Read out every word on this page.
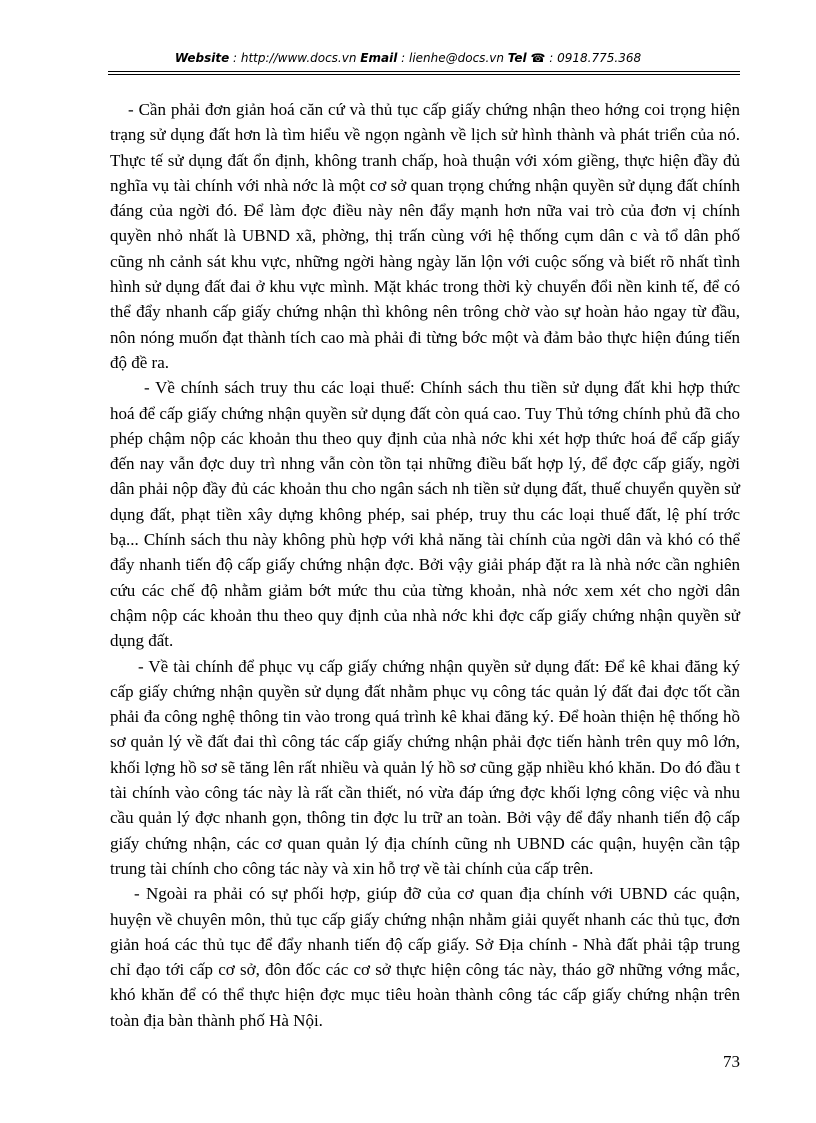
Website : http://www.docs.vn Email : lienhe@docs.vn Tel ☎ : 0918.775.368

- Cần phải đơn giản hoá căn cứ và thủ tục cấp giấy chứng nhận theo hớng coi trọng hiện trạng sử dụng đất hơn là tìm hiểu về ngọn ngành về lịch sử hình thành và phát triển của nó. Thực tế sử dụng đất ổn định, không tranh chấp, hoà thuận với xóm giềng, thực hiện đầy đủ nghĩa vụ tài chính với nhà nớc là một cơ sở quan trọng chứng nhận quyền sử dụng đất chính đáng của ngời đó. Để làm đợc điều này nên đẩy mạnh hơn nữa vai trò của đơn vị chính quyền nhỏ nhất là UBND xã, phờng, thị trấn cùng với hệ thống cụm dân c và tổ dân phố cũng nh cảnh sát khu vực, những ngời hàng ngày lăn lộn với cuộc sống và biết rõ nhất tình hình sử dụng đất đai ở khu vực mình. Mặt khác trong thời kỳ chuyển đổi nền kinh tế, để có thể đẩy nhanh cấp giấy chứng nhận thì không nên trông chờ vào sự hoàn hảo ngay từ đầu, nôn nóng muốn đạt thành tích cao mà phải đi từng bớc một và đảm bảo thực hiện đúng tiến độ đề ra.

- Về chính sách truy thu các loại thuế: Chính sách thu tiền sử dụng đất khi hợp thức hoá để cấp giấy chứng nhận quyền sử dụng đất còn quá cao. Tuy Thủ tớng chính phủ đã cho phép chậm nộp các khoản thu theo quy định của nhà nớc khi xét hợp thức hoá để cấp giấy đến nay vẫn đợc duy trì nhng vẫn còn tồn tại những điều bất hợp lý, để đợc cấp giấy, ngời dân phải nộp đầy đủ các khoản thu cho ngân sách nh tiền sử dụng đất, thuế chuyển quyền sử dụng đất, phạt tiền xây dựng không phép, sai phép, truy thu các loại thuế đất, lệ phí trớc bạ... Chính sách thu này không phù hợp với khả năng tài chính của ngời dân và khó có thể đẩy nhanh tiến độ cấp giấy chứng nhận đợc. Bởi vậy giải pháp đặt ra là nhà nớc cần nghiên cứu các chế độ nhằm giảm bớt mức thu của từng khoản, nhà nớc xem xét cho ngời dân chậm nộp các khoản thu theo quy định của nhà nớc khi đợc cấp giấy chứng nhận quyền sử dụng đất.

- Về tài chính để phục vụ cấp giấy chứng nhận quyền sử dụng đất: Để kê khai đăng ký cấp giấy chứng nhận quyền sử dụng đất nhằm phục vụ công tác quản lý đất đai đợc tốt cần phải đa công nghệ thông tin vào trong quá trình kê khai đăng ký. Để hoàn thiện hệ thống hồ sơ quản lý về đất đai thì công tác cấp giấy chứng nhận phải đợc tiến hành trên quy mô lớn, khối lợng hồ sơ sẽ tăng lên rất nhiều và quản lý hồ sơ cũng gặp nhiều khó khăn. Do đó đầu t tài chính vào công tác này là rất cần thiết, nó vừa đáp ứng đợc khối lợng công việc và nhu cầu quản lý đợc nhanh gọn, thông tin đợc lu trữ an toàn. Bởi vậy để đẩy nhanh tiến độ cấp giấy chứng nhận, các cơ quan quản lý địa chính cũng nh UBND các quận, huyện cần tập trung tài chính cho công tác này và xin hỗ trợ về tài chính của cấp trên.

- Ngoài ra phải có sự phối hợp, giúp đỡ của cơ quan địa chính với UBND các quận, huyện về chuyên môn, thủ tục cấp giấy chứng nhận nhằm giải quyết nhanh các thủ tục, đơn giản hoá các thủ tục để đẩy nhanh tiến độ cấp giấy. Sở Địa chính - Nhà đất phải tập trung chỉ đạo tới cấp cơ sở, đôn đốc các cơ sở thực hiện công tác này, tháo gỡ những vớng mắc, khó khăn để có thể thực hiện đợc mục tiêu hoàn thành công tác cấp giấy chứng nhận trên toàn địa bàn thành phố Hà Nội.

73
